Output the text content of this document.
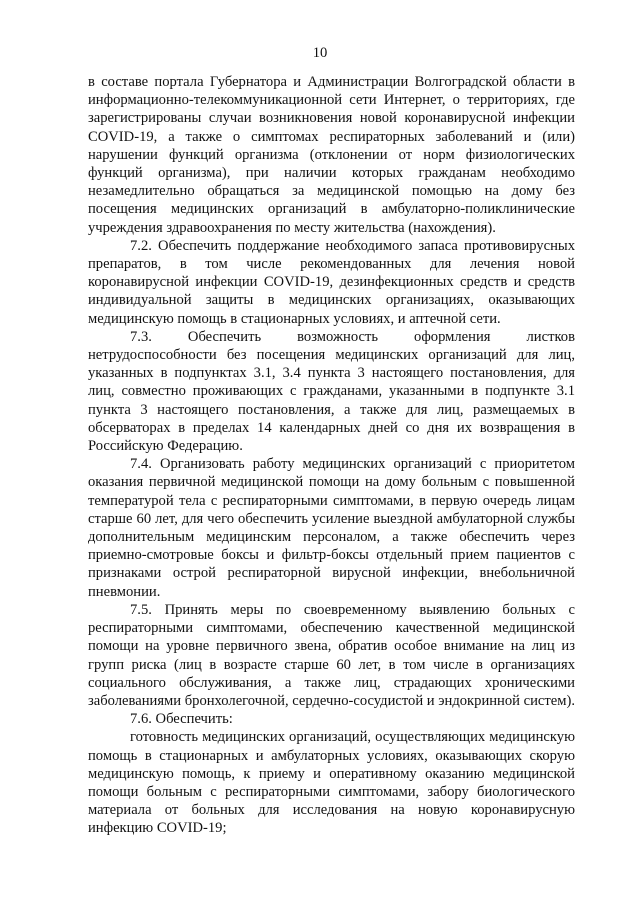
10

в составе портала Губернатора и Администрации Волгоградской области в информационно-телекоммуникационной сети Интернет, о территориях, где зарегистрированы случаи возникновения новой коронавирусной инфекции COVID-19, а также о симптомах респираторных заболеваний и (или) нарушении функций организма (отклонении от норм физиологических функций организма), при наличии которых гражданам необходимо незамедлительно обращаться за медицинской помощью на дому без посещения медицинских организаций в амбулаторно-поликлинические учреждения здравоохранения по месту жительства (нахождения).

7.2. Обеспечить поддержание необходимого запаса противовирусных препаратов, в том числе рекомендованных для лечения новой коронавирусной инфекции COVID-19, дезинфекционных средств и средств индивидуальной защиты в медицинских организациях, оказывающих медицинскую помощь в стационарных условиях, и аптечной сети.

7.3. Обеспечить возможность оформления листков нетрудоспособности без посещения медицинских организаций для лиц, указанных в подпунктах 3.1, 3.4 пункта 3 настоящего постановления, для лиц, совместно проживающих с гражданами, указанными в подпункте 3.1 пункта 3 настоящего постановления, а также для лиц, размещаемых в обсерваторах в пределах 14 календарных дней со дня их возвращения в Российскую Федерацию.

7.4. Организовать работу медицинских организаций с приоритетом оказания первичной медицинской помощи на дому больным с повышенной температурой тела с респираторными симптомами, в первую очередь лицам старше 60 лет, для чего обеспечить усиление выездной амбулаторной службы дополнительным медицинским персоналом, а также обеспечить через приемно-смотровые боксы и фильтр-боксы отдельный прием пациентов с признаками острой респираторной вирусной инфекции, внебольничной пневмонии.

7.5. Принять меры по своевременному выявлению больных с респираторными симптомами, обеспечению качественной медицинской помощи на уровне первичного звена, обратив особое внимание на лиц из групп риска (лиц в возрасте старше 60 лет, в том числе в организациях социального обслуживания, а также лиц, страдающих хроническими заболеваниями бронхолегочной, сердечно-сосудистой и эндокринной систем).

7.6. Обеспечить:

готовность медицинских организаций, осуществляющих медицинскую помощь в стационарных и амбулаторных условиях, оказывающих скорую медицинскую помощь, к приему и оперативному оказанию медицинской помощи больным с респираторными симптомами, забору биологического материала от больных для исследования на новую коронавирусную инфекцию COVID-19;
